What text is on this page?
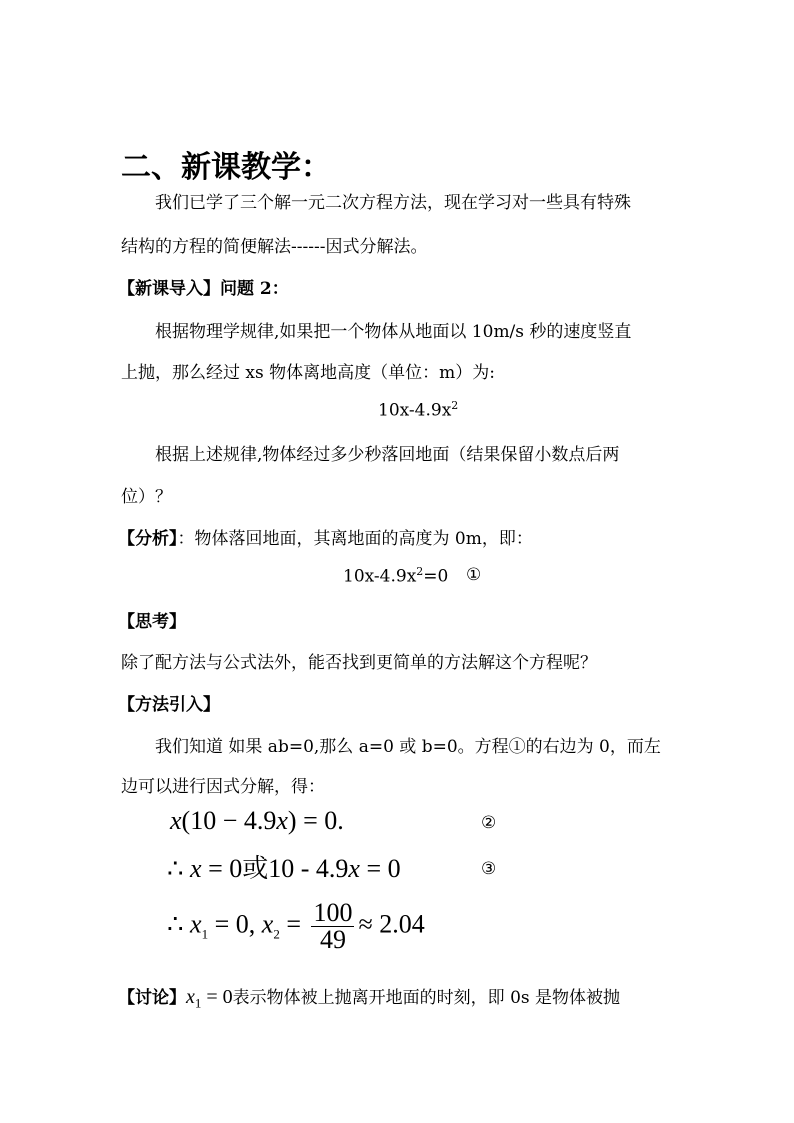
二、新课教学：
我们已学了三个解一元二次方程方法，现在学习对一些具有特殊
结构的方程的简便解法------因式分解法。
【新课导入】问题 2：
根据物理学规律,如果把一个物体从地面以 10m/s 秒的速度竖直
上抛，那么经过 xs 物体离地高度（单位：m）为:
$10x-4.9x^2$
根据上述规律,物体经过多少秒落回地面（结果保留小数点后两
位）？
【分析】：物体落回地面，其离地面的高度为 0m，即：
$10x-4.9x^2=0$ ①
【思考】
除了配方法与公式法外，能否找到更简单的方法解这个方程呢？
【方法引入】
我们知道 如果 ab=0,那么 a=0 或 b=0。方程①的右边为 0，而左
边可以进行因式分解，得：
x(10 − 4.9x) = 0.	②
∴ x = 0或10 - 4.9x = 0	③
∴ $x_1 = 0$, $x_2 = \frac{100}{49} \approx 2.04$
【讨论】$x_1 = 0$表示物体被上抛离开地面的时刻，即 0s 是物体被抛
